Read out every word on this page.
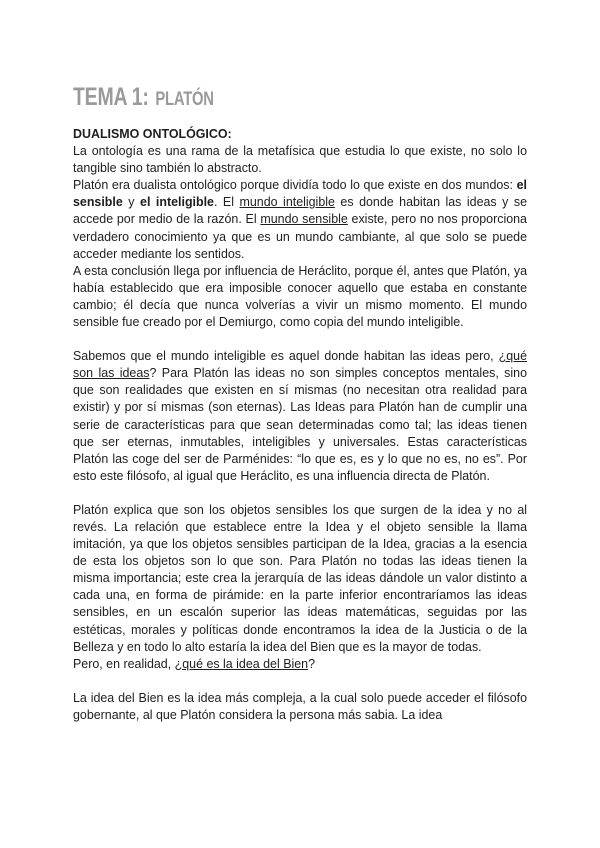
TEMA 1: PLATÓN

DUALISMO ONTOLÓGICO:

La ontología es una rama de la metafísica que estudia lo que existe, no solo lo tangible sino también lo abstracto.

Platón era dualista ontológico porque dividía todo lo que existe en dos mundos: el sensible y el inteligible. El mundo inteligible es donde habitan las ideas y se accede por medio de la razón. El mundo sensible existe, pero no nos proporciona verdadero conocimiento ya que es un mundo cambiante, al que solo se puede acceder mediante los sentidos.

A esta conclusión llega por influencia de Heráclito, porque él, antes que Platón, ya había establecido que era imposible conocer aquello que estaba en constante cambio; él decía que nunca volverías a vivir un mismo momento. El mundo sensible fue creado por el Demiurgo, como copia del mundo inteligible.

Sabemos que el mundo inteligible es aquel donde habitan las ideas pero, ¿qué son las ideas? Para Platón las ideas no son simples conceptos mentales, sino que son realidades que existen en sí mismas (no necesitan otra realidad para existir) y por sí mismas (son eternas). Las Ideas para Platón han de cumplir una serie de características para que sean determinadas como tal; las ideas tienen que ser eternas, inmutables, inteligibles y universales. Estas características Platón las coge del ser de Parménides: “lo que es, es y lo que no es, no es”. Por esto este filósofo, al igual que Heráclito, es una influencia directa de Platón.

Platón explica que son los objetos sensibles los que surgen de la idea y no al revés. La relación que establece entre la Idea y el objeto sensible la llama imitación, ya que los objetos sensibles participan de la Idea, gracias a la esencia de esta los objetos son lo que son. Para Platón no todas las ideas tienen la misma importancia; este crea la jerarquía de las ideas dándole un valor distinto a cada una, en forma de pirámide: en la parte inferior encontraríamos las ideas sensibles, en un escalón superior las ideas matemáticas, seguidas por las estéticas, morales y políticas donde encontramos la idea de la Justicia o de la Belleza y en todo lo alto estaría la idea del Bien que es la mayor de todas.

Pero, en realidad, ¿qué es la idea del Bien?

La idea del Bien es la idea más compleja, a la cual solo puede acceder el filósofo gobernante, al que Platón considera la persona más sabia. La idea
